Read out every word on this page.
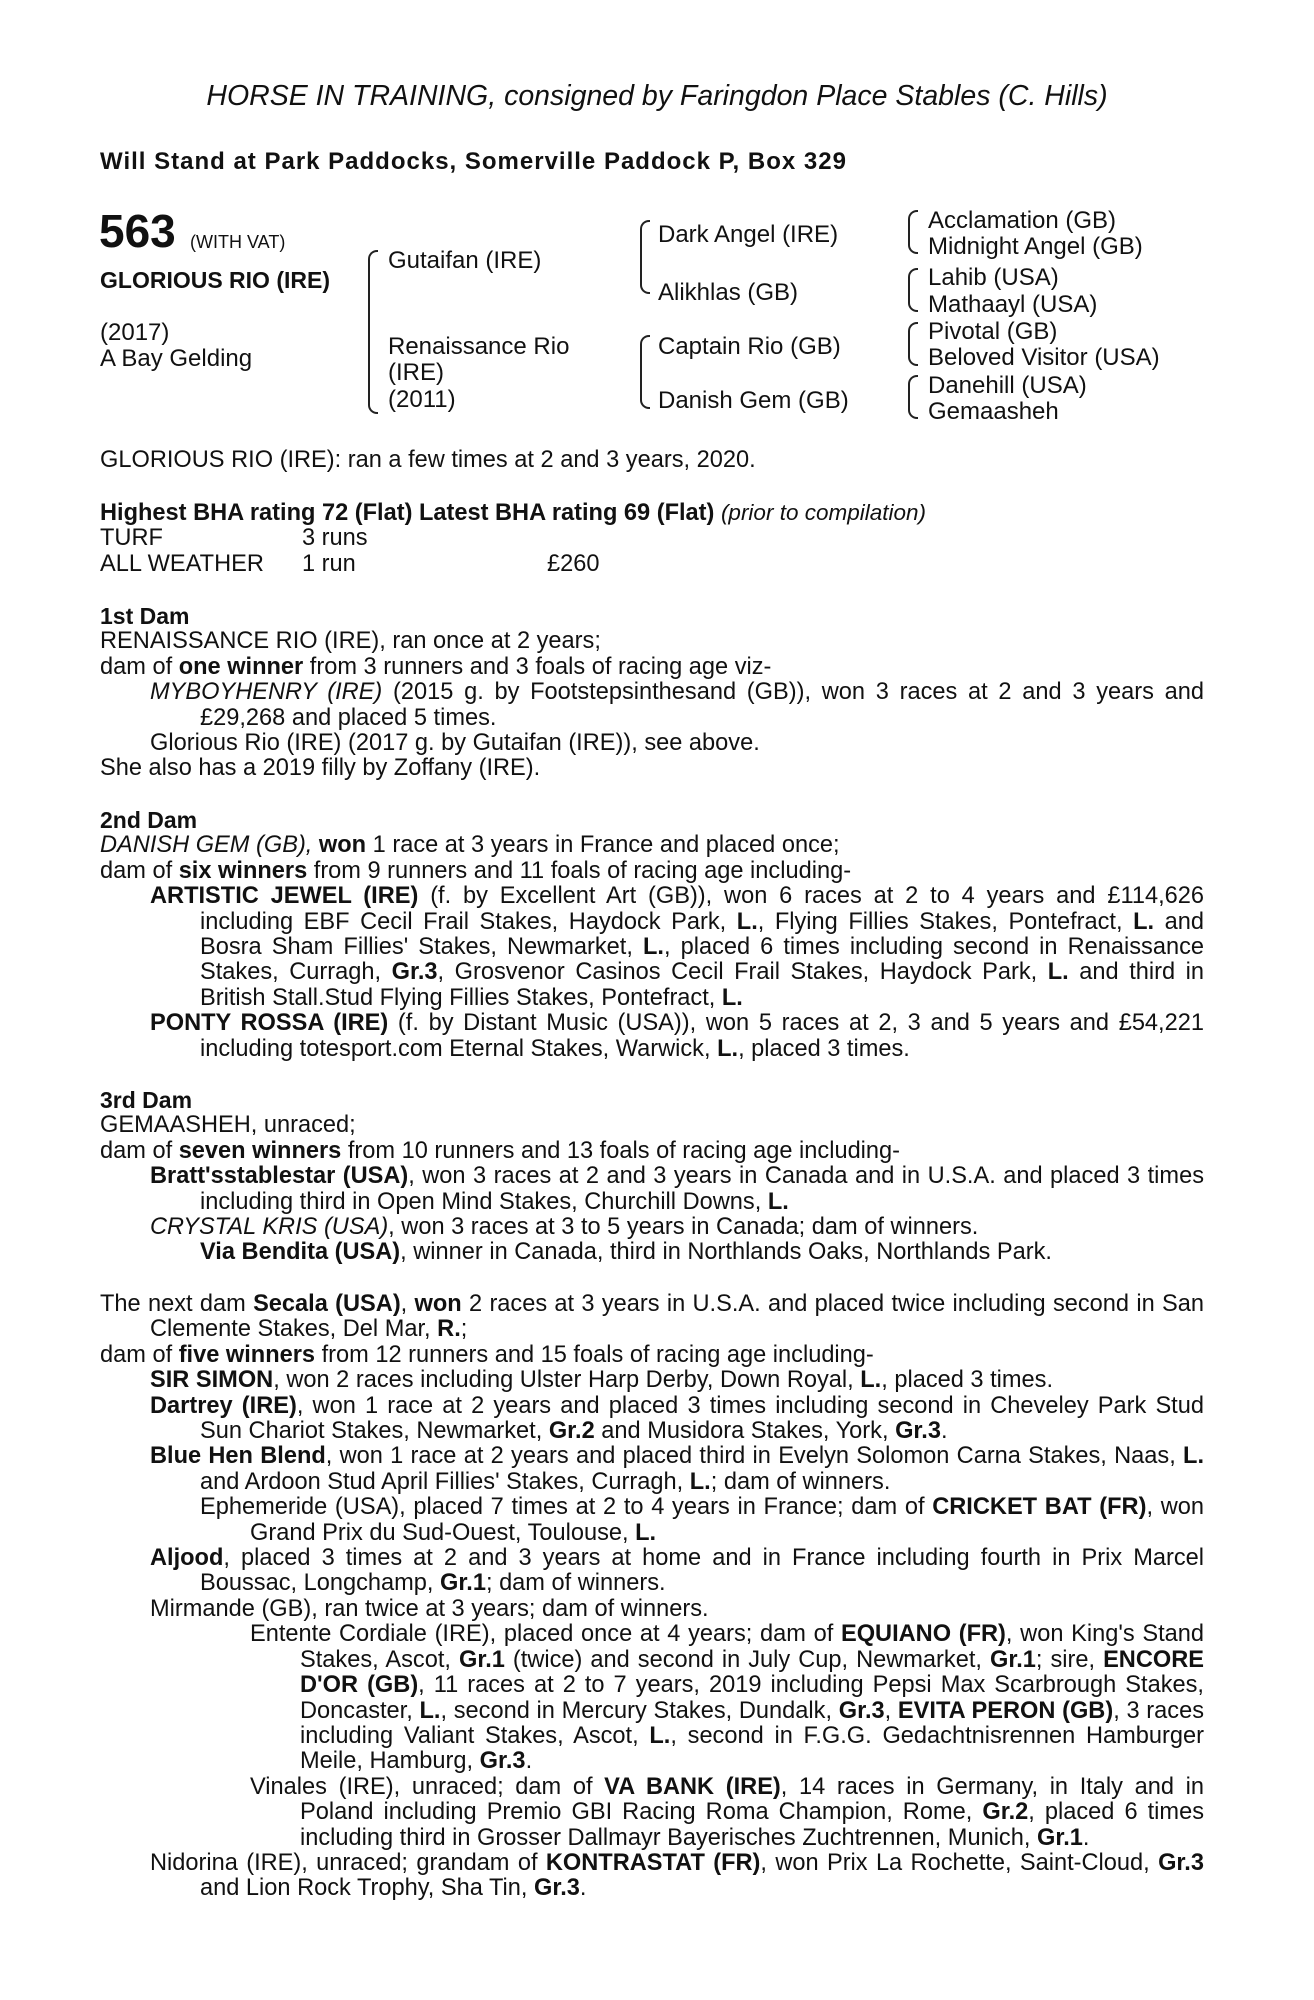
HORSE IN TRAINING, consigned by Faringdon Place Stables (C. Hills)
Will Stand at Park Paddocks, Somerville Paddock P, Box 329
563 (WITH VAT)
GLORIOUS RIO (IRE)
(2017)
A Bay Gelding
Gutaifan (IRE)
Renaissance Rio
(IRE)
(2011)
Dark Angel (IRE)
Alikhlas (GB)
Captain Rio (GB)
Danish Gem (GB)
Acclamation (GB)
Midnight Angel (GB)
Lahib (USA)
Mathaayl (USA)
Pivotal (GB)
Beloved Visitor (USA)
Danehill (USA)
Gemaasheh
GLORIOUS RIO (IRE): ran a few times at 2 and 3 years, 2020.
Highest BHA rating 72 (Flat) Latest BHA rating 69 (Flat) (prior to compilation)
TURF	3 runs
ALL WEATHER 1 run	£260
1st Dam
RENAISSANCE RIO (IRE), ran once at 2 years;
dam of one winner from 3 runners and 3 foals of racing age viz-
MYBOYHENRY (IRE) (2015 g. by Footstepsinthesand (GB)), won 3 races at 2 and 3 years and £29,268 and placed 5 times.
Glorious Rio (IRE) (2017 g. by Gutaifan (IRE)), see above.
She also has a 2019 filly by Zoffany (IRE).
2nd Dam
DANISH GEM (GB), won 1 race at 3 years in France and placed once;
dam of six winners from 9 runners and 11 foals of racing age including-
ARTISTIC JEWEL (IRE) (f. by Excellent Art (GB)), won 6 races at 2 to 4 years and £114,626 including EBF Cecil Frail Stakes, Haydock Park, L., Flying Fillies Stakes, Pontefract, L. and Bosra Sham Fillies' Stakes, Newmarket, L., placed 6 times including second in Renaissance Stakes, Curragh, Gr.3, Grosvenor Casinos Cecil Frail Stakes, Haydock Park, L. and third in British Stall.Stud Flying Fillies Stakes, Pontefract, L.
PONTY ROSSA (IRE) (f. by Distant Music (USA)), won 5 races at 2, 3 and 5 years and £54,221 including totesport.com Eternal Stakes, Warwick, L., placed 3 times.
3rd Dam
GEMAASHEH, unraced;
dam of seven winners from 10 runners and 13 foals of racing age including-
Bratt'sstablestar (USA), won 3 races at 2 and 3 years in Canada and in U.S.A. and placed 3 times including third in Open Mind Stakes, Churchill Downs, L.
CRYSTAL KRIS (USA), won 3 races at 3 to 5 years in Canada; dam of winners.
Via Bendita (USA), winner in Canada, third in Northlands Oaks, Northlands Park.
The next dam Secala (USA), won 2 races at 3 years in U.S.A. and placed twice including second in San Clemente Stakes, Del Mar, R.;
dam of five winners from 12 runners and 15 foals of racing age including-
SIR SIMON, won 2 races including Ulster Harp Derby, Down Royal, L., placed 3 times.
Dartrey (IRE), won 1 race at 2 years and placed 3 times including second in Cheveley Park Stud Sun Chariot Stakes, Newmarket, Gr.2 and Musidora Stakes, York, Gr.3.
Blue Hen Blend, won 1 race at 2 years and placed third in Evelyn Solomon Carna Stakes, Naas, L. and Ardoon Stud April Fillies' Stakes, Curragh, L.; dam of winners.
Ephemeride (USA), placed 7 times at 2 to 4 years in France; dam of CRICKET BAT (FR), won Grand Prix du Sud-Ouest, Toulouse, L.
Aljood, placed 3 times at 2 and 3 years at home and in France including fourth in Prix Marcel Boussac, Longchamp, Gr.1; dam of winners.
Mirmande (GB), ran twice at 3 years; dam of winners.
Entente Cordiale (IRE), placed once at 4 years; dam of EQUIANO (FR), won King's Stand Stakes, Ascot, Gr.1 (twice) and second in July Cup, Newmarket, Gr.1; sire, ENCORE D'OR (GB), 11 races at 2 to 7 years, 2019 including Pepsi Max Scarbrough Stakes, Doncaster, L., second in Mercury Stakes, Dundalk, Gr.3, EVITA PERON (GB), 3 races including Valiant Stakes, Ascot, L., second in F.G.G. Gedachtnisrennen Hamburger Meile, Hamburg, Gr.3.
Vinales (IRE), unraced; dam of VA BANK (IRE), 14 races in Germany, in Italy and in Poland including Premio GBI Racing Roma Champion, Rome, Gr.2, placed 6 times including third in Grosser Dallmayr Bayerisches Zuchtrennen, Munich, Gr.1.
Nidorina (IRE), unraced; grandam of KONTRASTAT (FR), won Prix La Rochette, Saint-Cloud, Gr.3 and Lion Rock Trophy, Sha Tin, Gr.3.
